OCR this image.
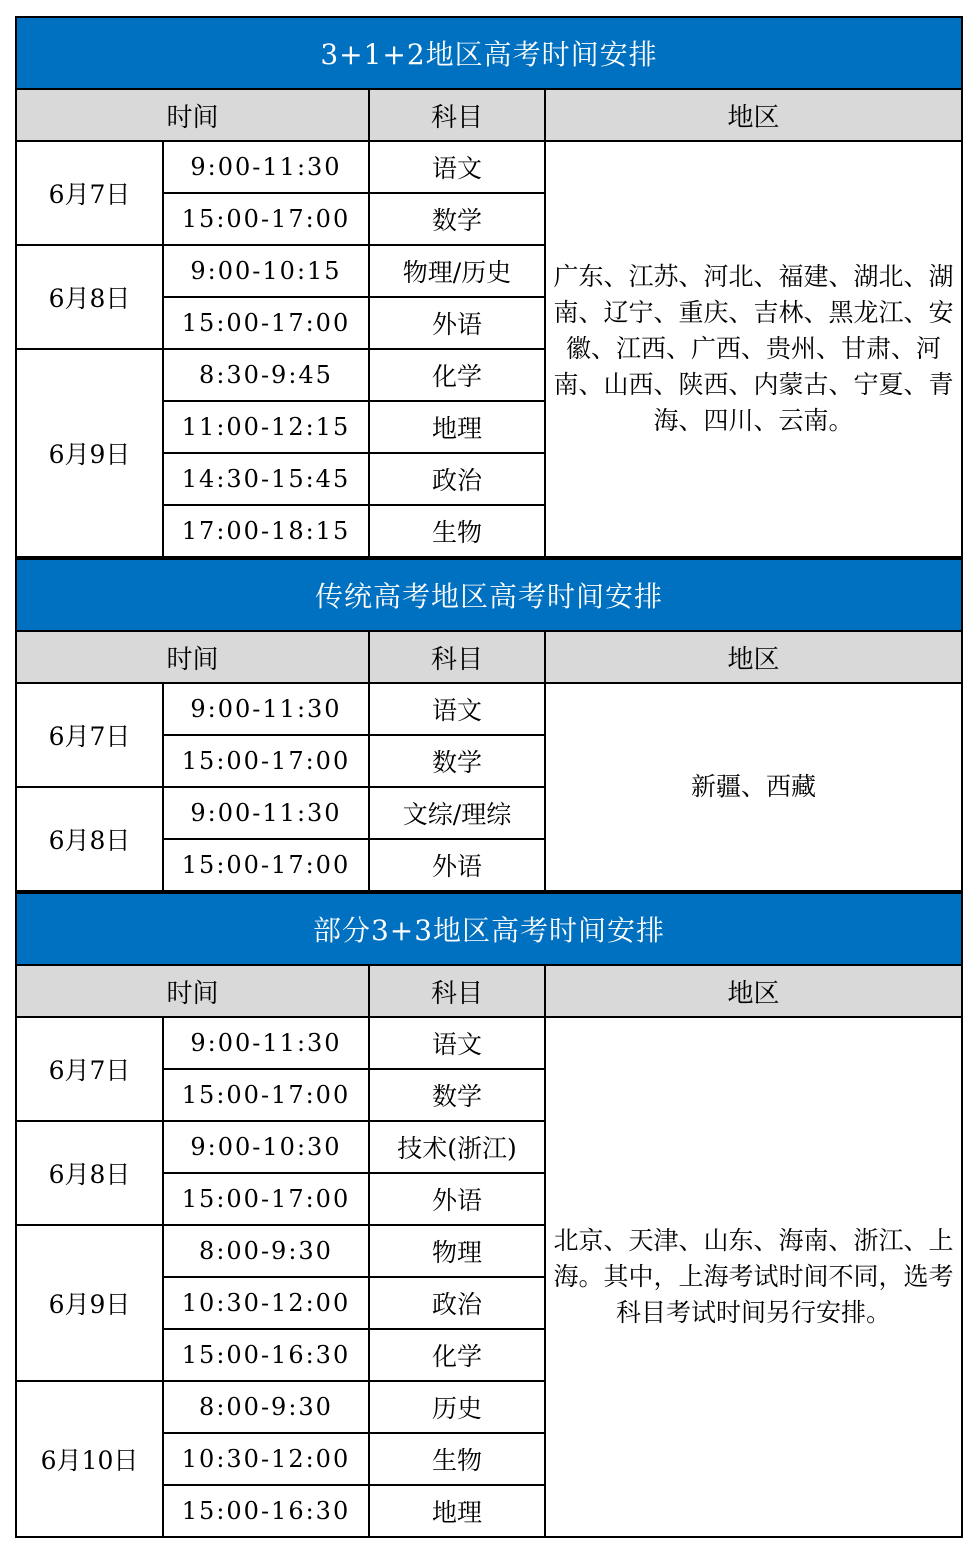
3+1+2地区高考时间安排			
时间		科目	地区
6月7日	9:00-11:30	语文	广东、江苏、河北、福建、湖北、湖南、辽宁、重庆、吉林、黑龙江、安徽、江西、广西、贵州、甘肃、河南、山西、陕西、内蒙古、宁夏、青海、四川、云南。

	15:00-17:00	数学	
6月8日	9:00-10:15	物理/历史	
	15:00-17:00	外语	
6月9日	8:30-9:45	化学	
	11:00-12:15	地理	
	14:30-15:45	政治	
	17:00-18:15	生物	
传统高考地区高考时间安排			
时间		科目	地区
6月7日	9:00-11:30	语文	新疆、西藏

	15:00-17:00	数学	
6月8日	9:00-11:30	文综/理综	
	15:00-17:00	外语	
部分3+3地区高考时间安排			
时间		科目	地区
6月7日	9:00-11:30	语文	北京、天津、山东、海南、浙江、上海。其中，上海考试时间不同，选考科目考试时间另行安排。

	15:00-17:00	数学	
6月8日	9:00-10:30	技术(浙江)	
	15:00-17:00	外语	
6月9日	8:00-9:30	物理	
	10:30-12:00	政治	
	15:00-16:30	化学	
6月10日	8:00-9:30	历史	
	10:30-12:00	生物	
	15:00-16:30	地理	
